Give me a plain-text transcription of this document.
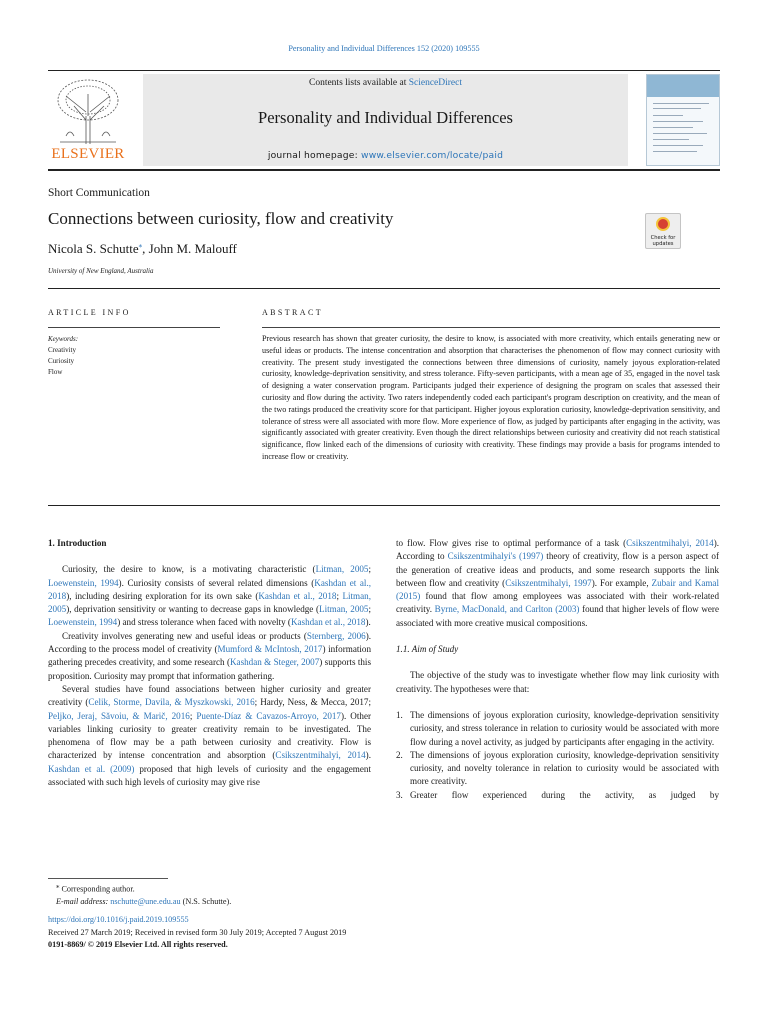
Personality and Individual Differences 152 (2020) 109555
ELSEVIER
Contents lists available at ScienceDirect
Personality and Individual Differences
journal homepage: www.elsevier.com/locate/paid
Short Communication
Connections between curiosity, flow and creativity
Nicola S. Schutte⁎, John M. Malouff
University of New England, Australia
Check for
updates
ARTICLE INFO	ABSTRACT
Keywords:
Creativity
Curiosity
Flow
Previous research has shown that greater curiosity, the desire to know, is associated with more creativity, which entails generating new or useful ideas or products. The intense concentration and absorption that characterises the phenomenon of flow may connect curiosity with creativity. The present study investigated the connections between three dimensions of curiosity, namely joyous exploration-related curiosity, knowledge-deprivation sensitivity, and stress tolerance. Fifty-seven participants, with a mean age of 35, engaged in the novel task of designing a water conservation program. Participants judged their experience of designing the program on scales that assessed their curiosity and flow during the activity. Two raters independently coded each participant's program description on creativity, and the mean of the two ratings produced the creativity score for that participant. Higher joyous exploration curiosity, knowledge-deprivation sensitivity, and tolerance of stress were all associated with more flow. More experience of flow, as judged by participants after engaging in the activity, was significantly associated with greater creativity. Even though the direct relationships between curiosity and creativity did not reach statistical significance, flow linked each of the dimensions of curiosity with creativity. These findings may provide a basis for programs intended to increase flow or creativity.
1. Introduction

Curiosity, the desire to know, is a motivating characteristic (Litman, 2005; Loewenstein, 1994). Curiosity consists of several related dimensions (Kashdan et al., 2018), including desiring exploration for its own sake (Kashdan et al., 2018; Litman, 2005), deprivation sensitivity or wanting to decrease gaps in knowledge (Litman, 2005; Loewenstein, 1994) and stress tolerance when faced with novelty (Kashdan et al., 2018).

Creativity involves generating new and useful ideas or products (Sternberg, 2006). According to the process model of creativity (Mumford & McIntosh, 2017) information gathering precedes creativity, and some research (Kashdan & Steger, 2007) supports this proposition. Curiosity may prompt that information gathering.

Several studies have found associations between higher curiosity and greater creativity (Celik, Storme, Davila, & Myszkowski, 2016; Hardy, Ness, & Mecca, 2017; Peljko, Jeraj, Săvoiu, & Marič, 2016; Puente-Díaz & Cavazos-Arroyo, 2017). Other variables linking curiosity to greater creativity remain to be investigated. The phenomena of flow may be a path between curiosity and creativity. Flow is characterized by intense concentration and absorption (Csikszentmihalyi, 2014). Kashdan et al. (2009) proposed that high levels of curiosity and the engagement associated with such high levels of curiosity may give rise

to flow. Flow gives rise to optimal performance of a task (Csikszentmihalyi, 2014). According to Csikszentmihalyi's (1997) theory of creativity, flow is a person aspect of the generation of creative ideas and products, and some research supports the link between flow and creativity (Csikszentmihalyi, 1997). For example, Zubair and Kamal (2015) found that flow among employees was associated with their work-related creativity. Byrne, MacDonald, and Carlton (2003) found that higher levels of flow were associated with more creative musical compositions.

1.1. Aim of Study

The objective of the study was to investigate whether flow may link curiosity with creativity. The hypotheses were that:

1. The dimensions of joyous exploration curiosity, knowledge-deprivation sensitivity curiosity, and stress tolerance in relation to curiosity would be associated with more flow during a novel activity, as judged by participants after engaging in the activity.
2. The dimensions of joyous exploration curiosity, knowledge-deprivation sensitivity curiosity, and novelty tolerance in relation to curiosity would be associated with more creativity.
3. Greater flow experienced during the activity, as judged by
⁎ Corresponding author.
E-mail address: nschutte@une.edu.au (N.S. Schutte).
https://doi.org/10.1016/j.paid.2019.109555
Received 27 March 2019; Received in revised form 30 July 2019; Accepted 7 August 2019
0191-8869/ © 2019 Elsevier Ltd. All rights reserved.
